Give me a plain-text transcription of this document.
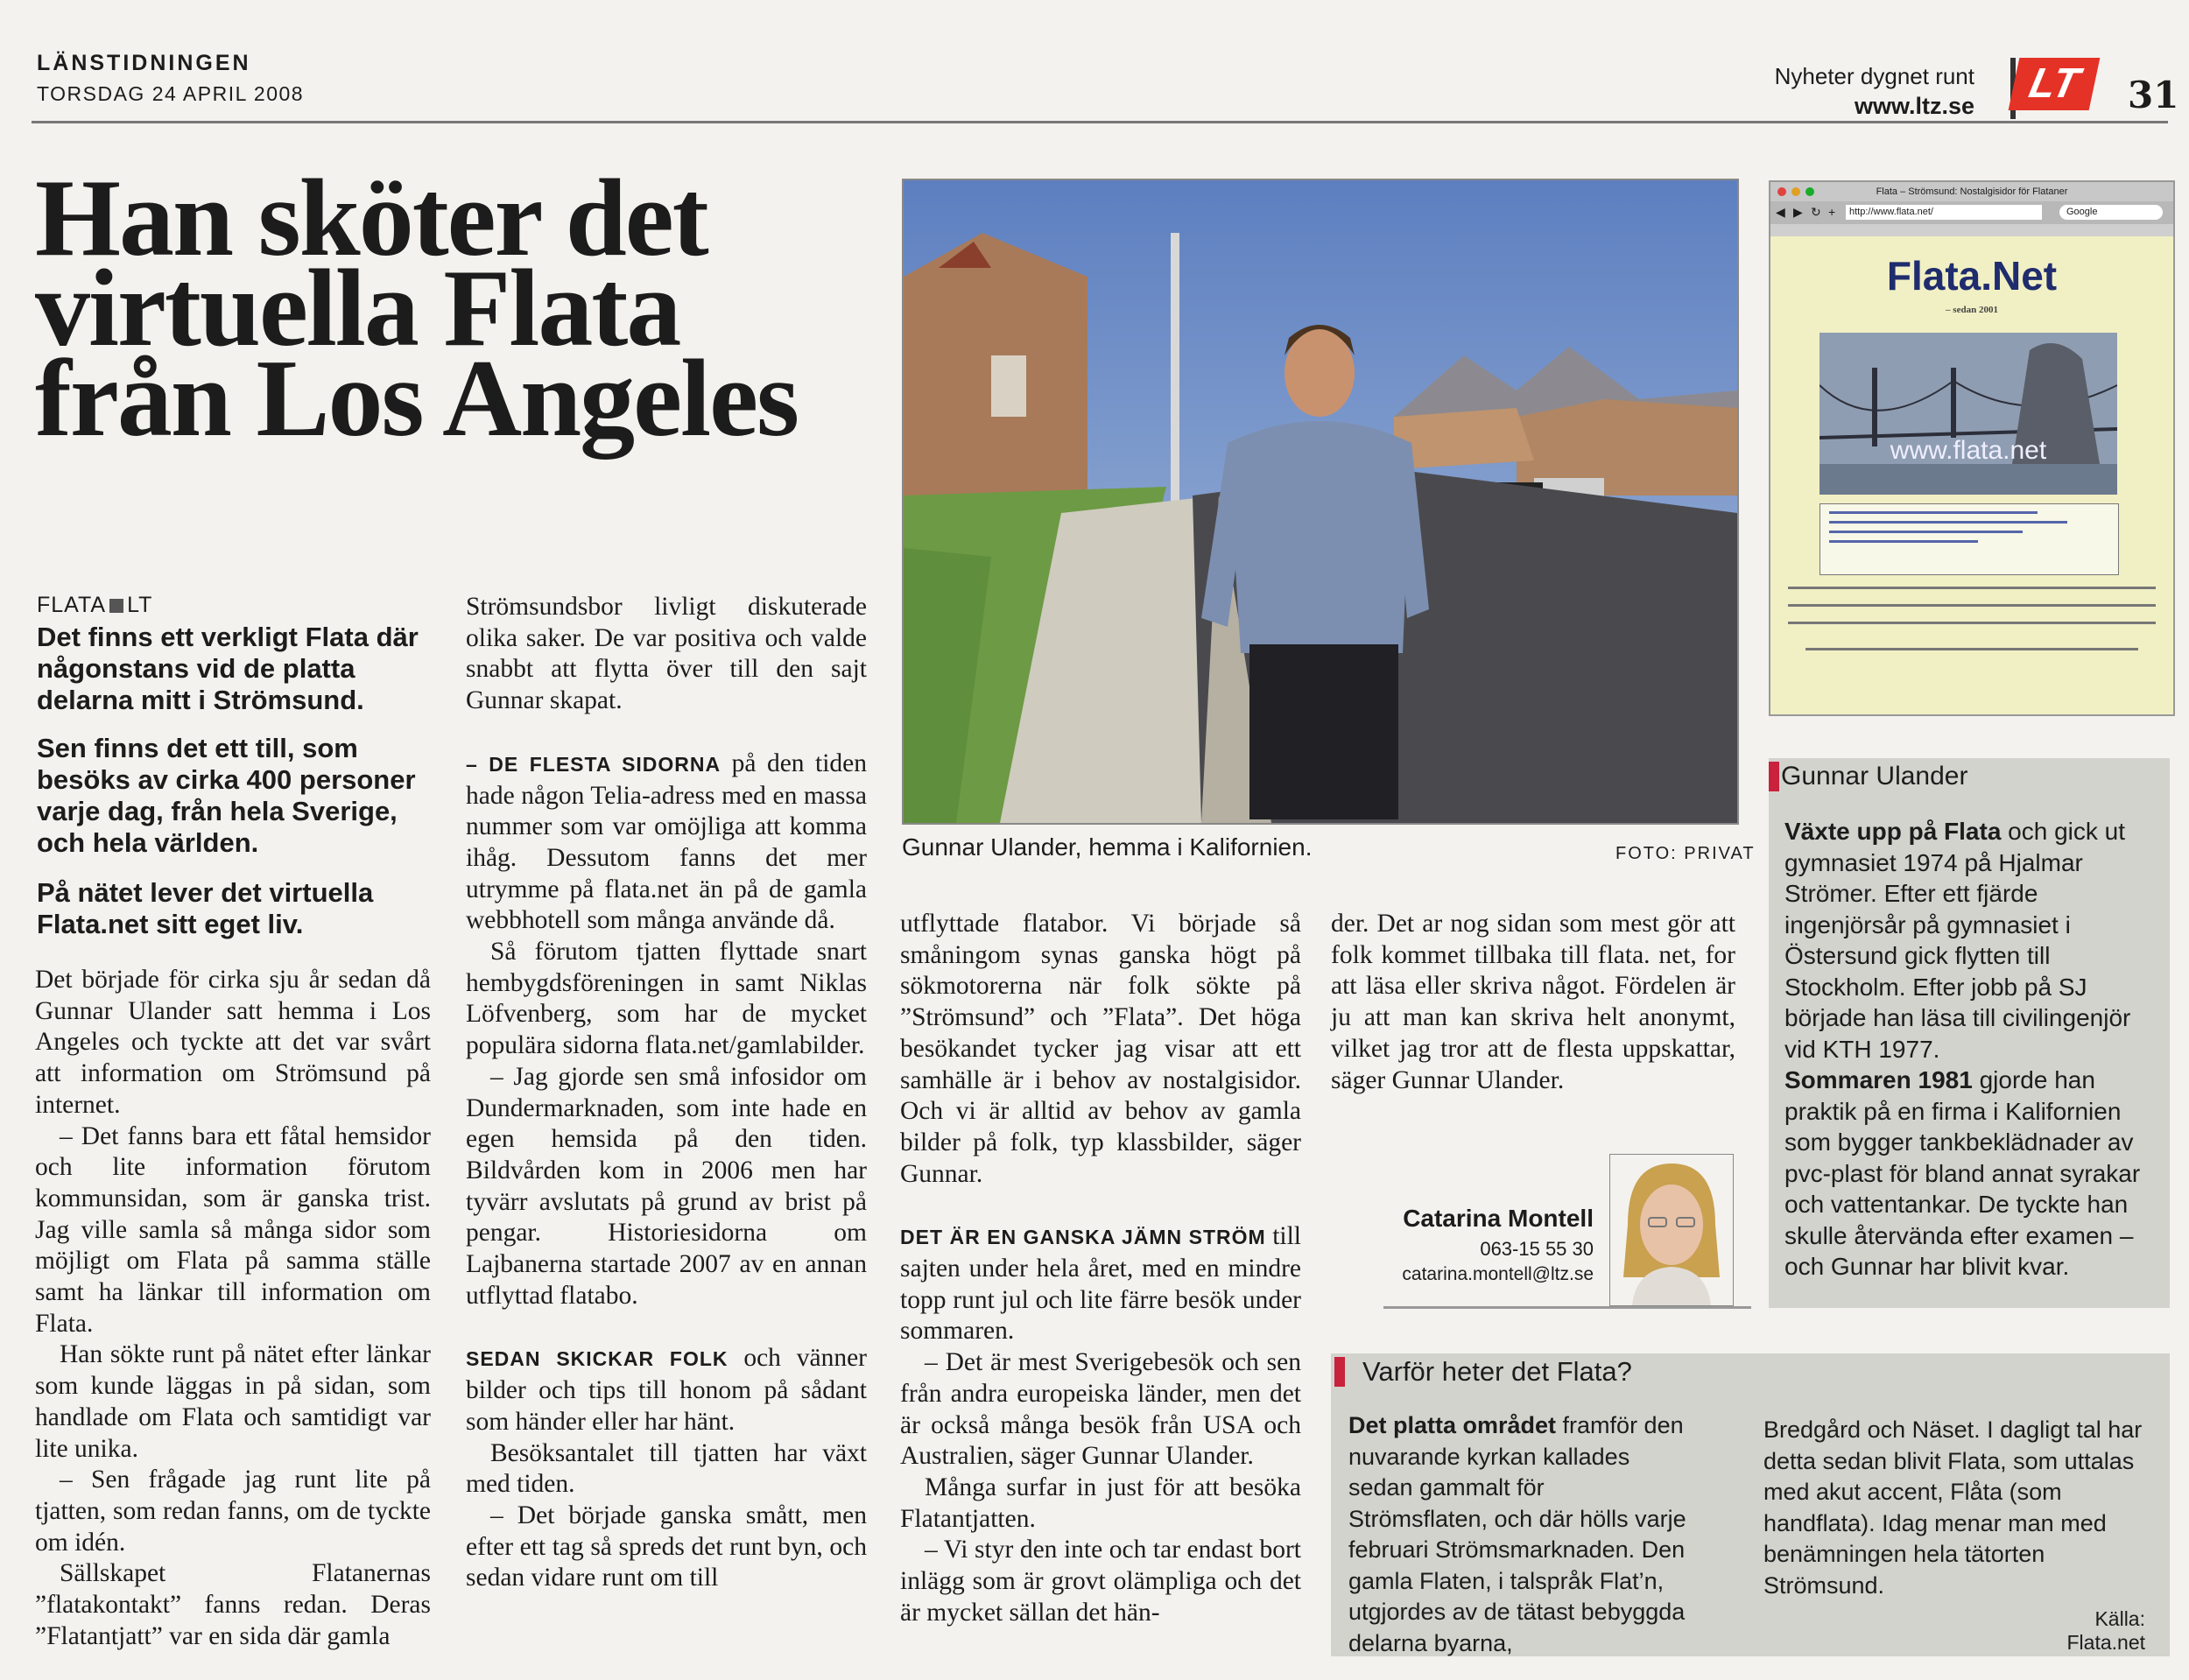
LÄNSTIDNINGEN
TORSDAG 24 APRIL 2008
Nyheter dygnet runt
www.ltz.se	LT	31
Han sköter det virtuella Flata från Los Angeles
FLATA LT
Det finns ett verkligt Flata där någonstans vid de platta delarna mitt i Strömsund.
Sen finns det ett till, som besöks av cirka 400 personer varje dag, från hela Sverige, och hela världen.
På nätet lever det virtuella Flata.net sitt eget liv.

Det började för cirka sju år sedan då Gunnar Ulander satt hemma i Los Angeles och tyckte att det var svårt att information om Strömsund på internet.

– Det fanns bara ett fåtal hemsidor och lite information förutom kommunsidan, som är ganska trist. Jag ville samla så många sidor som möjligt om Flata på samma ställe samt ha länkar till information om Flata.

Han sökte runt på nätet efter länkar som kunde läggas in på sidan, som handlade om Flata och samtidigt var lite unika.

– Sen frågade jag runt lite på tjatten, som redan fanns, om de tyckte om idén.

Sällskapet Flatanernas ”flatakontakt” fanns redan. Deras ”Flatantjatt” var en sida där gamla

Strömsundsbor livligt diskuterade olika saker. De var positiva och valde snabbt att flytta över till den sajt Gunnar skapat.

– DE FLESTA SIDORNA på den tiden hade någon Telia-adress med en massa nummer som var omöjliga att komma ihåg. Dessutom fanns det mer utrymme på flata.net än på de gamla webbhotell som många använde då.

Så förutom tjatten flyttade snart hembygdsföreningen in samt Niklas Löfvenberg, som har de mycket populära sidorna flata.net/gamlabilder.

– Jag gjorde sen små infosidor om Dundermarknaden, som inte hade en egen hemsida på den tiden. Bildvården kom in 2006 men har tyvärr avslutats på grund av brist på pengar. Historiesidorna om Lajbanerna startade 2007 av en annan utflyttad flatabo.

SEDAN SKICKAR FOLK och vänner bilder och tips till honom på sådant som händer eller har hänt.

Besöksantalet till tjatten har växt med tiden.

– Det började ganska smått, men efter ett tag så spreds det runt byn, och sedan vidare runt om till

Gunnar Ulander, hemma i Kalifornien.	FOTO: PRIVAT
Flata – Strömsund: Nostalgisidor för Flataner
◀ ▶ ↻ +	http://www.flata.net/	Google
Flata.Net
– sedan 2001
www.flata.net

utflyttade flatabor. Vi började så småningom synas ganska högt på sökmotorerna när folk sökte på ”Strömsund” och ”Flata”. Det höga besökandet tycker jag visar att ett samhälle är i behov av nostalgisidor. Och vi är alltid av behov av gamla bilder på folk, typ klassbilder, säger Gunnar.

DET ÄR EN GANSKA JÄMN STRÖM till sajten under hela året, med en mindre topp runt jul och lite färre besök under sommaren.

– Det är mest Sverigebesök och sen från andra europeiska länder, men det är också många besök från USA och Australien, säger Gunnar Ulander.

Många surfar in just för att besöka Flatantjatten.

– Vi styr den inte och tar endast bort inlägg som är grovt olämpliga och det är mycket sällan det hän-

der. Det ar nog sidan som mest gör att folk kommet tillbaka till flata. net, for att läsa eller skriva något. Fördelen är ju att man kan skriva helt anonymt, vilket jag tror att de flesta uppskattar, säger Gunnar Ulander.

Catarina Montell
063-15 55 30
catarina.montell@ltz.se
Gunnar Ulander
Växte upp på Flata och gick ut gymnasiet 1974 på Hjalmar Strömer. Efter ett fjärde ingenjörsår på gymnasiet i Östersund gick flytten till Stockholm. Efter jobb på SJ började han läsa till civilingenjör vid KTH 1977.
Sommaren 1981 gjorde han praktik på en firma i Kalifornien som bygger tankbeklädnader av pvc-plast för bland annat syrakar och vattentankar. De tyckte han skulle återvända efter examen – och Gunnar har blivit kvar.
Varför heter det Flata?
Det platta området framför den nuvarande kyrkan kallades sedan gammalt för Strömsflaten, och där hölls varje februari Strömsmarknaden. Den gamla Flaten, i talspråk Flat’n, utgjordes av de tätast bebyggda delarna byarna,
Bredgård och Näset. I dagligt tal har detta sedan blivit Flata, som uttalas med akut accent, Flåta (som handflata). Idag menar man med benämningen hela tätorten Strömsund.
Källa: Flata.net
